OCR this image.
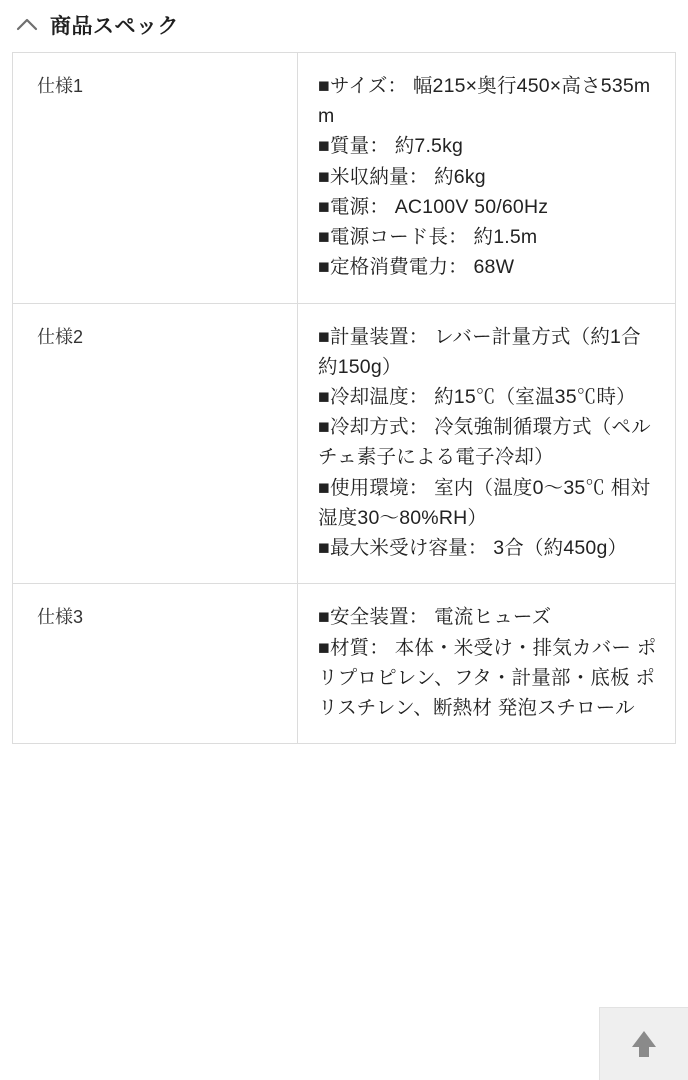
商品スペック
仕様1	■サイズ： 幅215×奥行450×高さ535mm
■質量： 約7.5kg
■米収納量： 約6kg
■電源： AC100V 50/60Hz
■電源コード長： 約1.5m
■定格消費電力： 68W

仕様2	■計量装置： レバー計量方式（約1合 約150g）
■冷却温度： 約15℃（室温35℃時）
■冷却方式： 冷気強制循環方式（ペルチェ素子による電子冷却）
■使用環境： 室内（温度0〜35℃ 相対湿度30〜80%RH）
■最大米受け容量： 3合（約450g）

仕様3	■安全装置： 電流ヒューズ
■材質： 本体・米受け・排気カバー ポリプロピレン、フタ・計量部・底板 ポリスチレン、断熱材 発泡スチロール
